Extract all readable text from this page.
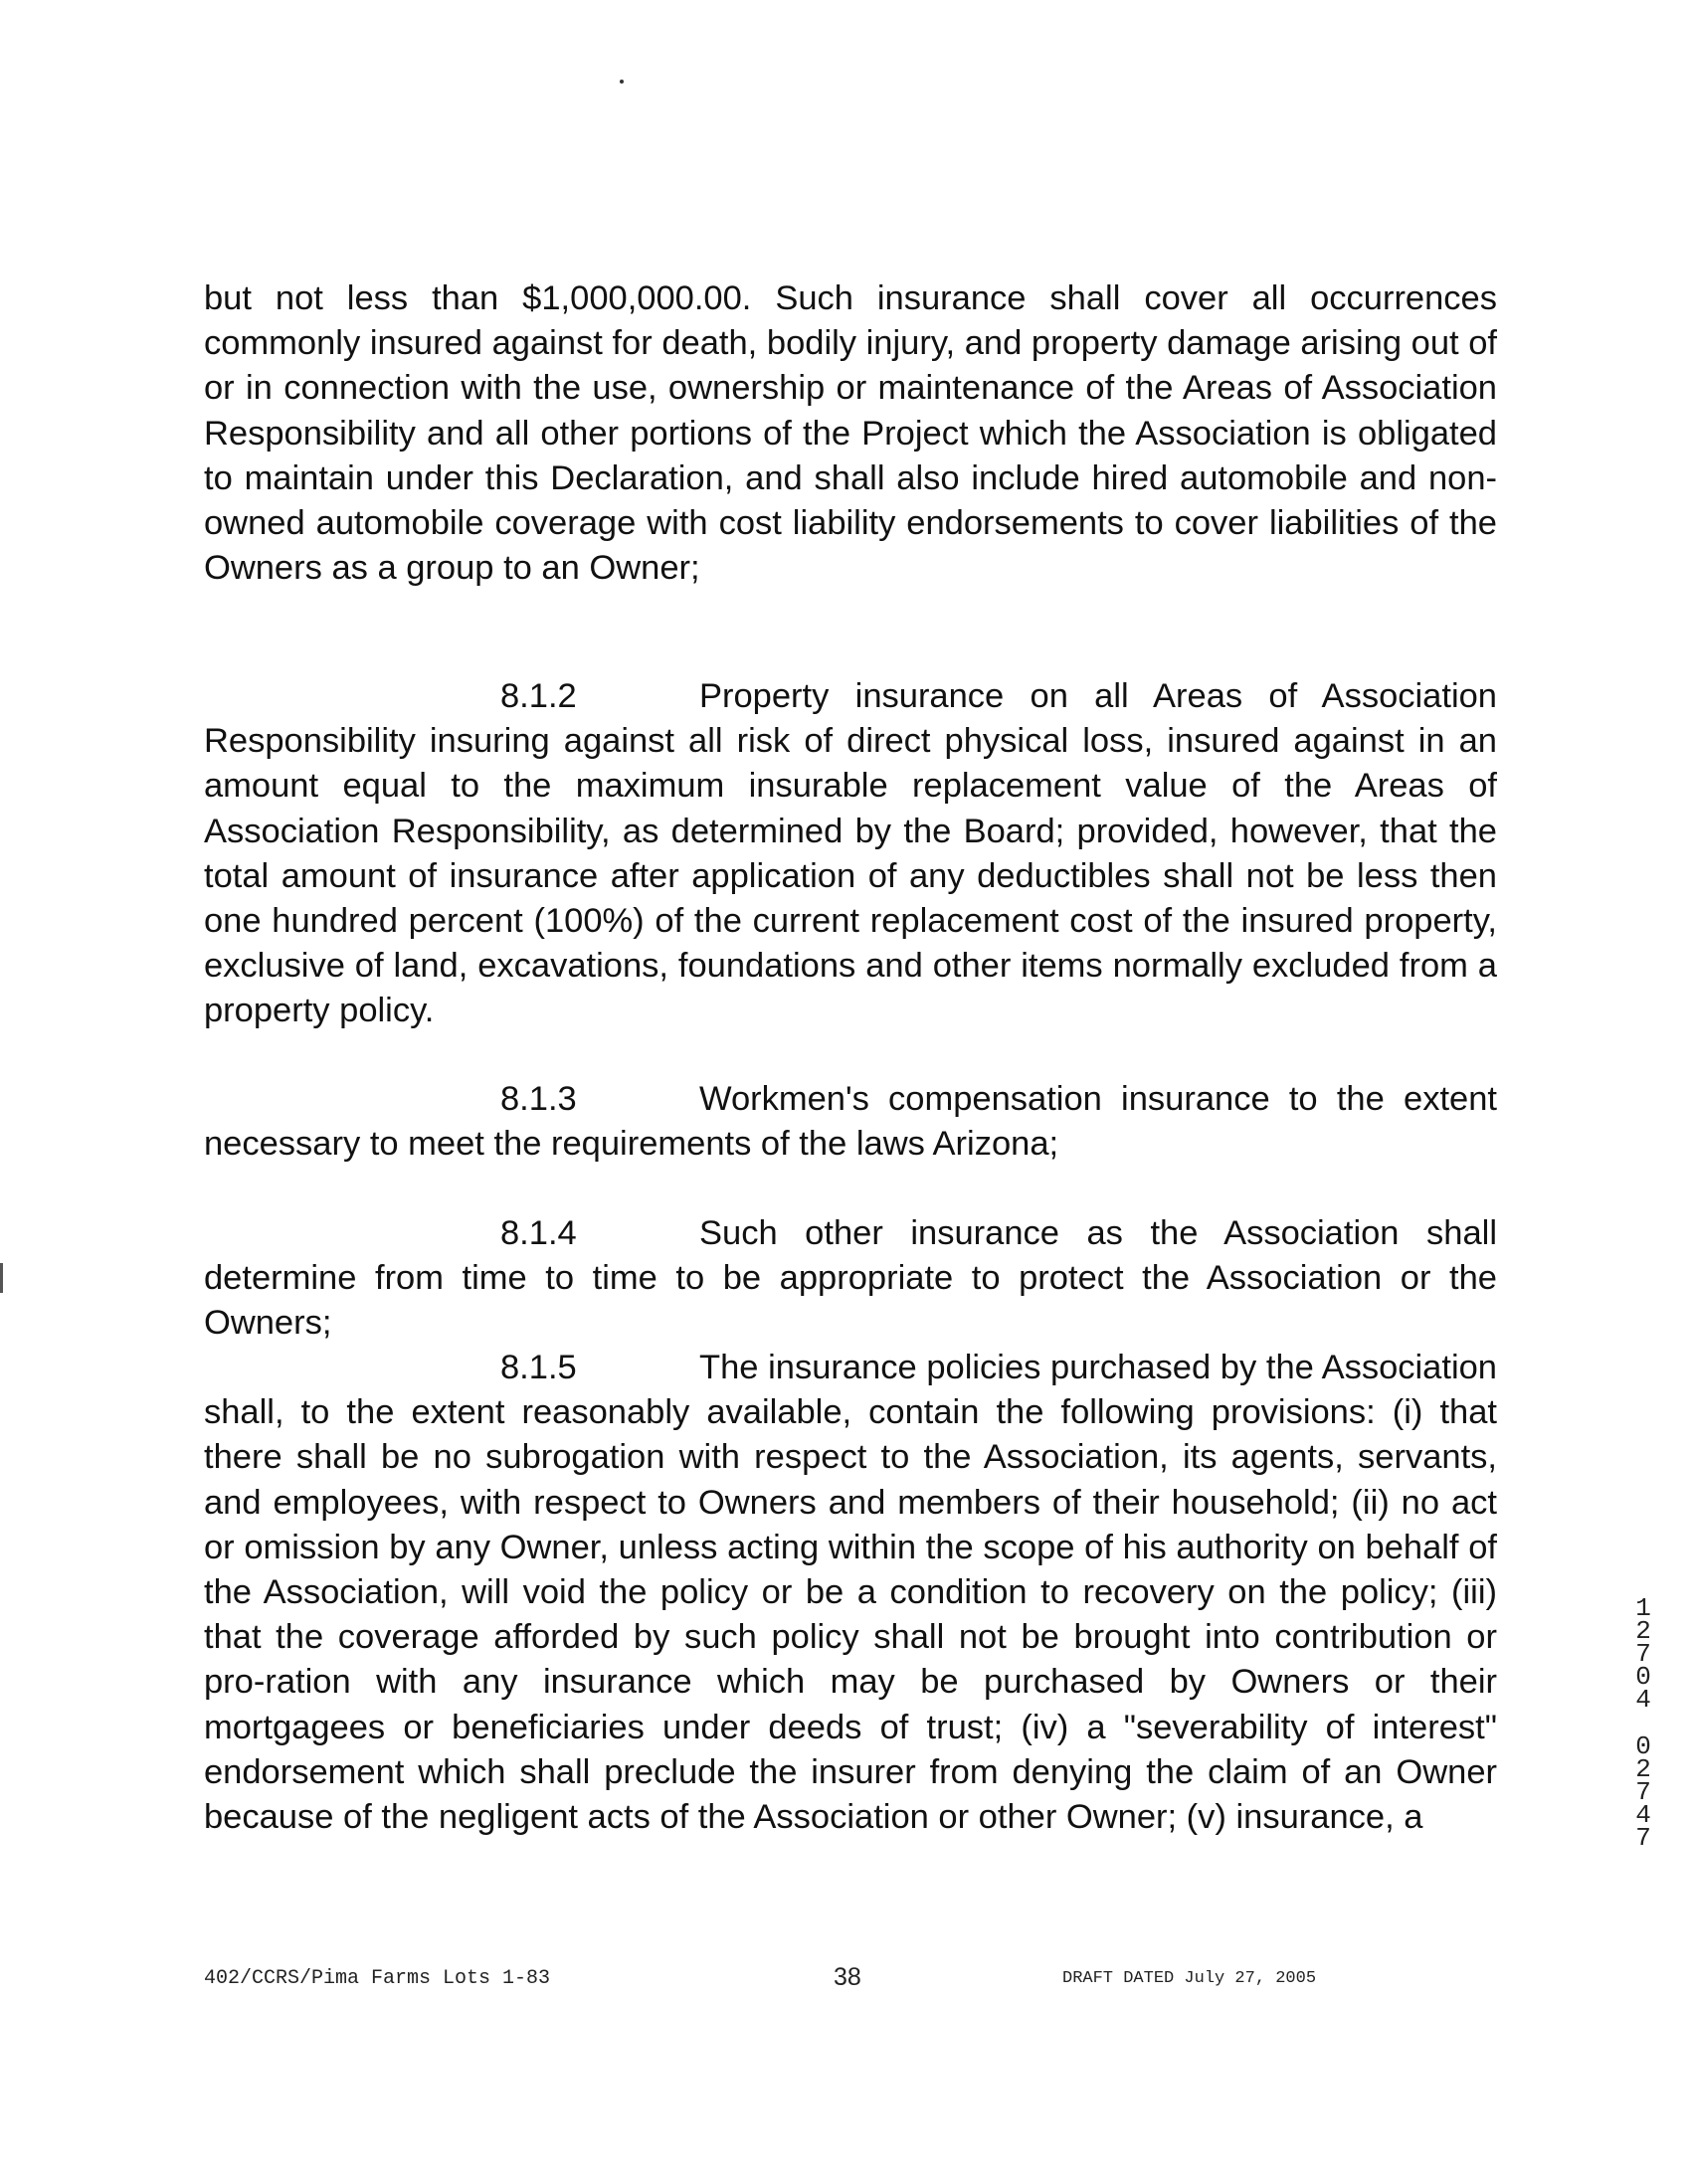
but not less than $1,000,000.00. Such insurance shall cover all occurrences commonly insured against for death, bodily injury, and property damage arising out of or in connection with the use, ownership or maintenance of the Areas of Association Responsibility and all other portions of the Project which the Association is obligated to maintain under this Declaration, and shall also include hired automobile and non-owned automobile coverage with cost liability endorsements to cover liabilities of the Owners as a group to an Owner;

8.1.2	Property insurance on all Areas of Association Responsibility insuring against all risk of direct physical loss, insured against in an amount equal to the maximum insurable replacement value of the Areas of Association Responsibility, as determined by the Board; provided, however, that the total amount of insurance after application of any deductibles shall not be less then one hundred percent (100%) of the current replacement cost of the insured property, exclusive of land, excavations, foundations and other items normally excluded from a property policy.

8.1.3	Workmen's compensation insurance to the extent necessary to meet the requirements of the laws Arizona;

8.1.4	Such other insurance as the Association shall determine from time to time to be appropriate to protect the Association or the Owners;

8.1.5	The insurance policies purchased by the Association shall, to the extent reasonably available, contain the following provisions: (i) that there shall be no subrogation with respect to the Association, its agents, servants, and employees, with respect to Owners and members of their household; (ii) no act or omission by any Owner, unless acting within the scope of his authority on behalf of the Association, will void the policy or be a condition to recovery on the policy; (iii) that the coverage afforded by such policy shall not be brought into contribution or pro-ration with any insurance which may be purchased by Owners or their mortgagees or beneficiaries under deeds of trust; (iv) a "severability of interest" endorsement which shall preclude the insurer from denying the claim of an Owner because of the negligent acts of the Association or other Owner; (v) insurance, a

1
2
7
0
4
0
2
7
4
7
402/CCRS/Pima Farms Lots 1-83	38	DRAFT DATED July 27, 2005
